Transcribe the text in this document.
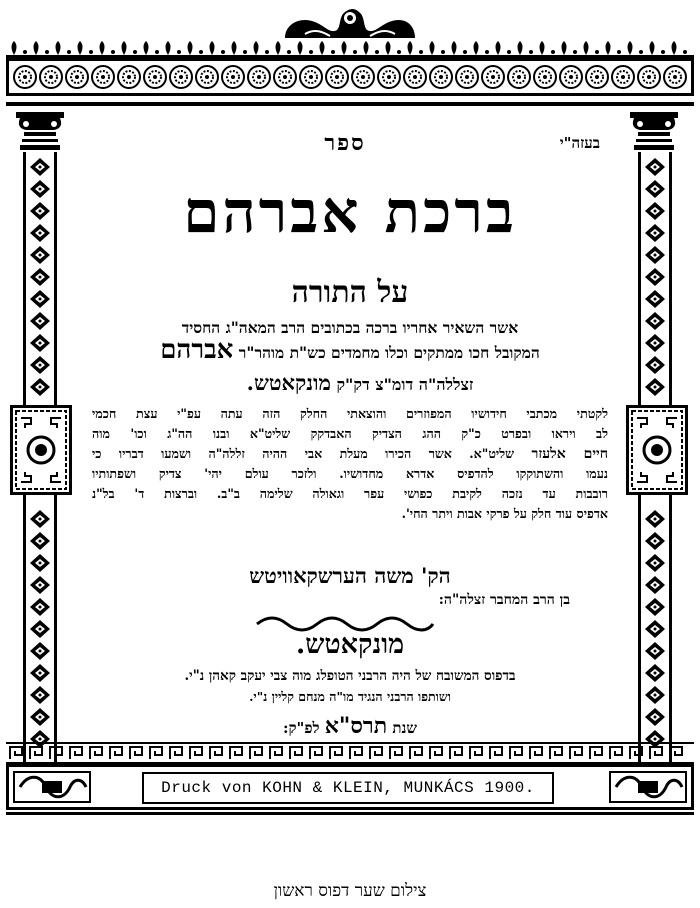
Druck von KOHN & KLEIN, MUNKÁCS 1900.
ספר	בעזה"י
ברכת אברהם
על התורה
אשר השאיר אחריו ברכה בכתובים הרב המאה"ג החסיד
המקובל חכו ממתקים וכלו מחמדים כש"ת מוהר"ר אברהם
זצללה"ה דומ"צ דק"ק מונקאטש.
לקטתי מכתבי חידושיו המפוזרים והוצאתי החלק הזה עתה עפ"י עצת חכמי
לב ויראו ובפרט כ"ק ההג הצדיק האבדקק שליט"א ובנו הה"ג וכו' מוה
חיים אלעזר שליט"א. אשר הכירו מעלת אבי ההיה זללה"ה ושמעו דבריו כי
נעמו והשתוקקו להדפיס אדרא מחדושיו. ולזכר עולם יהי' צדיק ושפתותיו
רובבות עד נזכה לקיבת כפושי עפר וגאולה שלימה ב"ב. וברצות ד' בל"נ
אדפיס עוד חלק על פרקי אבות ויתר החי'.
הק' משה הערשקאוויטש
בן הרב המחבר זצלה"ה:
מונקאטש.
בדפוס המשובח של היה הרבני הטופלג מוה צבי יעקב קאהן נ"י.
ושותפו הרבני הנגיד מו"ה מנחם קליין נ"י.
שנת תרס"א לפ"ק:
צילום שער דפוס ראשון
